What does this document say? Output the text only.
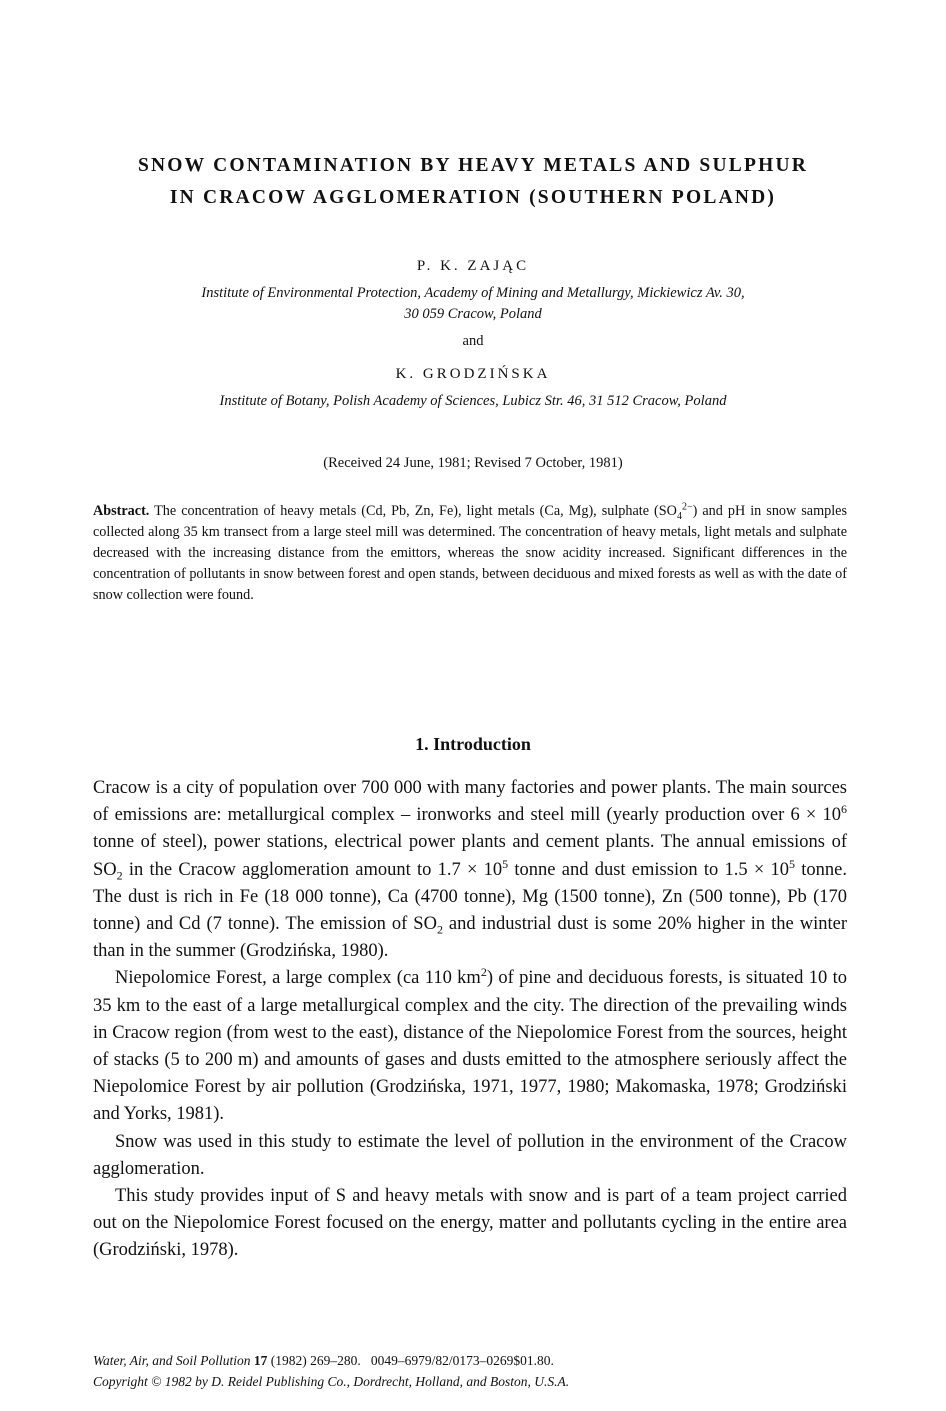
SNOW CONTAMINATION BY HEAVY METALS AND SULPHUR
IN CRACOW AGGLOMERATION (SOUTHERN POLAND)
P. K. ZAJĄC
Institute of Environmental Protection, Academy of Mining and Metallurgy, Mickiewicz Av. 30,
30 059 Cracow, Poland
and
K. GRODZIŃSKA
Institute of Botany, Polish Academy of Sciences, Lubicz Str. 46, 31 512 Cracow, Poland
(Received 24 June, 1981; Revised 7 October, 1981)
Abstract. The concentration of heavy metals (Cd, Pb, Zn, Fe), light metals (Ca, Mg), sulphate $(SO_4^{2-})$ and pH in snow samples collected along 35 km transect from a large steel mill was determined. The concentration of heavy metals, light metals and sulphate decreased with the increasing distance from the emittors, whereas the snow acidity increased. Significant differences in the concentration of pollutants in snow between forest and open stands, between deciduous and mixed forests as well as with the date of snow collection were found.
1. Introduction

Cracow is a city of population over 700 000 with many factories and power plants. The main sources of emissions are: metallurgical complex – ironworks and steel mill (yearly production over $6 \times 10^6$ tonne of steel), power stations, electrical power plants and cement plants. The annual emissions of $SO_2$ in the Cracow agglomeration amount to $1.7 \times 10^5$ tonne and dust emission to $1.5 \times 10^5$ tonne. The dust is rich in Fe (18 000 tonne), Ca (4700 tonne), Mg (1500 tonne), Zn (500 tonne), Pb (170 tonne) and Cd (7 tonne). The emission of $SO_2$ and industrial dust is some 20% higher in the winter than in the summer (Grodzińska, 1980).

Niepolomice Forest, a large complex (ca 110 $km^2$) of pine and deciduous forests, is situated 10 to 35 km to the east of a large metallurgical complex and the city. The direction of the prevailing winds in Cracow region (from west to the east), distance of the Niepolomice Forest from the sources, height of stacks (5 to 200 m) and amounts of gases and dusts emitted to the atmosphere seriously affect the Niepolomice Forest by air pollution (Grodzińska, 1971, 1977, 1980; Makomaska, 1978; Grodziński and Yorks, 1981).

Snow was used in this study to estimate the level of pollution in the environment of the Cracow agglomeration.

This study provides input of S and heavy metals with snow and is part of a team project carried out on the Niepolomice Forest focused on the energy, matter and pollutants cycling in the entire area (Grodziński, 1978).

Water, Air, and Soil Pollution 17 (1982) 269–280. 0049–6979/82/0173–0269$01.80.
Copyright © 1982 by D. Reidel Publishing Co., Dordrecht, Holland, and Boston, U.S.A.
